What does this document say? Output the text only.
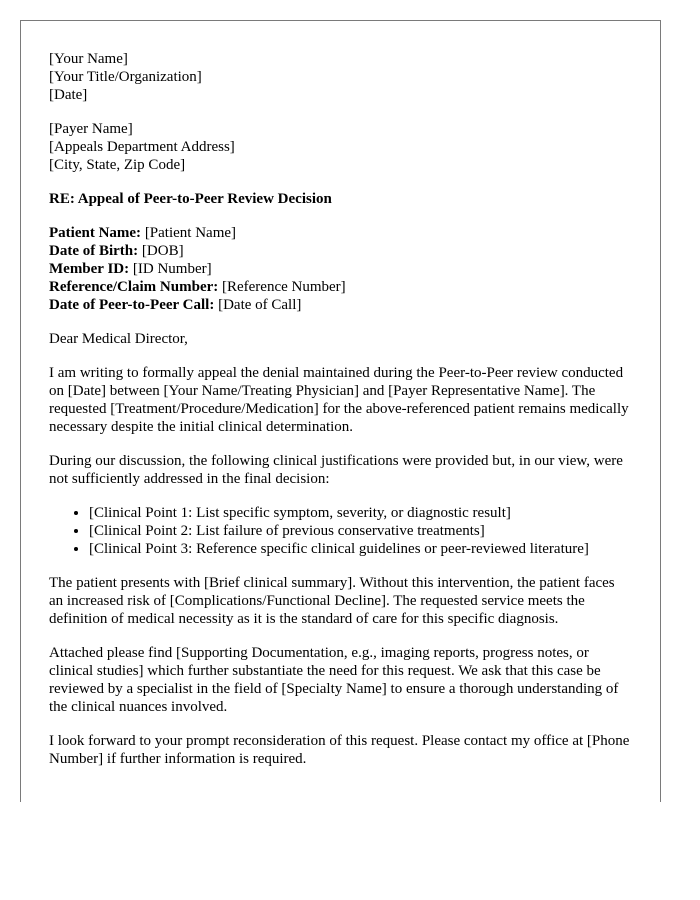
[Your Name]
[Your Title/Organization]
[Date]
[Payer Name]
[Appeals Department Address]
[City, State, Zip Code]
RE: Appeal of Peer-to-Peer Review Decision
Patient Name: [Patient Name]
Date of Birth: [DOB]
Member ID: [ID Number]
Reference/Claim Number: [Reference Number]
Date of Peer-to-Peer Call: [Date of Call]

Dear Medical Director,

I am writing to formally appeal the denial maintained during the Peer-to-Peer review conducted on [Date] between [Your Name/Treating Physician] and [Payer Representative Name]. The requested [Treatment/Procedure/Medication] for the above-referenced patient remains medically necessary despite the initial clinical determination.

During our discussion, the following clinical justifications were provided but, in our view, were not sufficiently addressed in the final decision:

• [Clinical Point 1: List specific symptom, severity, or diagnostic result]
• [Clinical Point 2: List failure of previous conservative treatments]
• [Clinical Point 3: Reference specific clinical guidelines or peer-reviewed literature]

The patient presents with [Brief clinical summary]. Without this intervention, the patient faces an increased risk of [Complications/Functional Decline]. The requested service meets the definition of medical necessity as it is the standard of care for this specific diagnosis.

Attached please find [Supporting Documentation, e.g., imaging reports, progress notes, or clinical studies] which further substantiate the need for this request. We ask that this case be reviewed by a specialist in the field of [Specialty Name] to ensure a thorough understanding of the clinical nuances involved.

I look forward to your prompt reconsideration of this request. Please contact my office at [Phone Number] if further information is required.
